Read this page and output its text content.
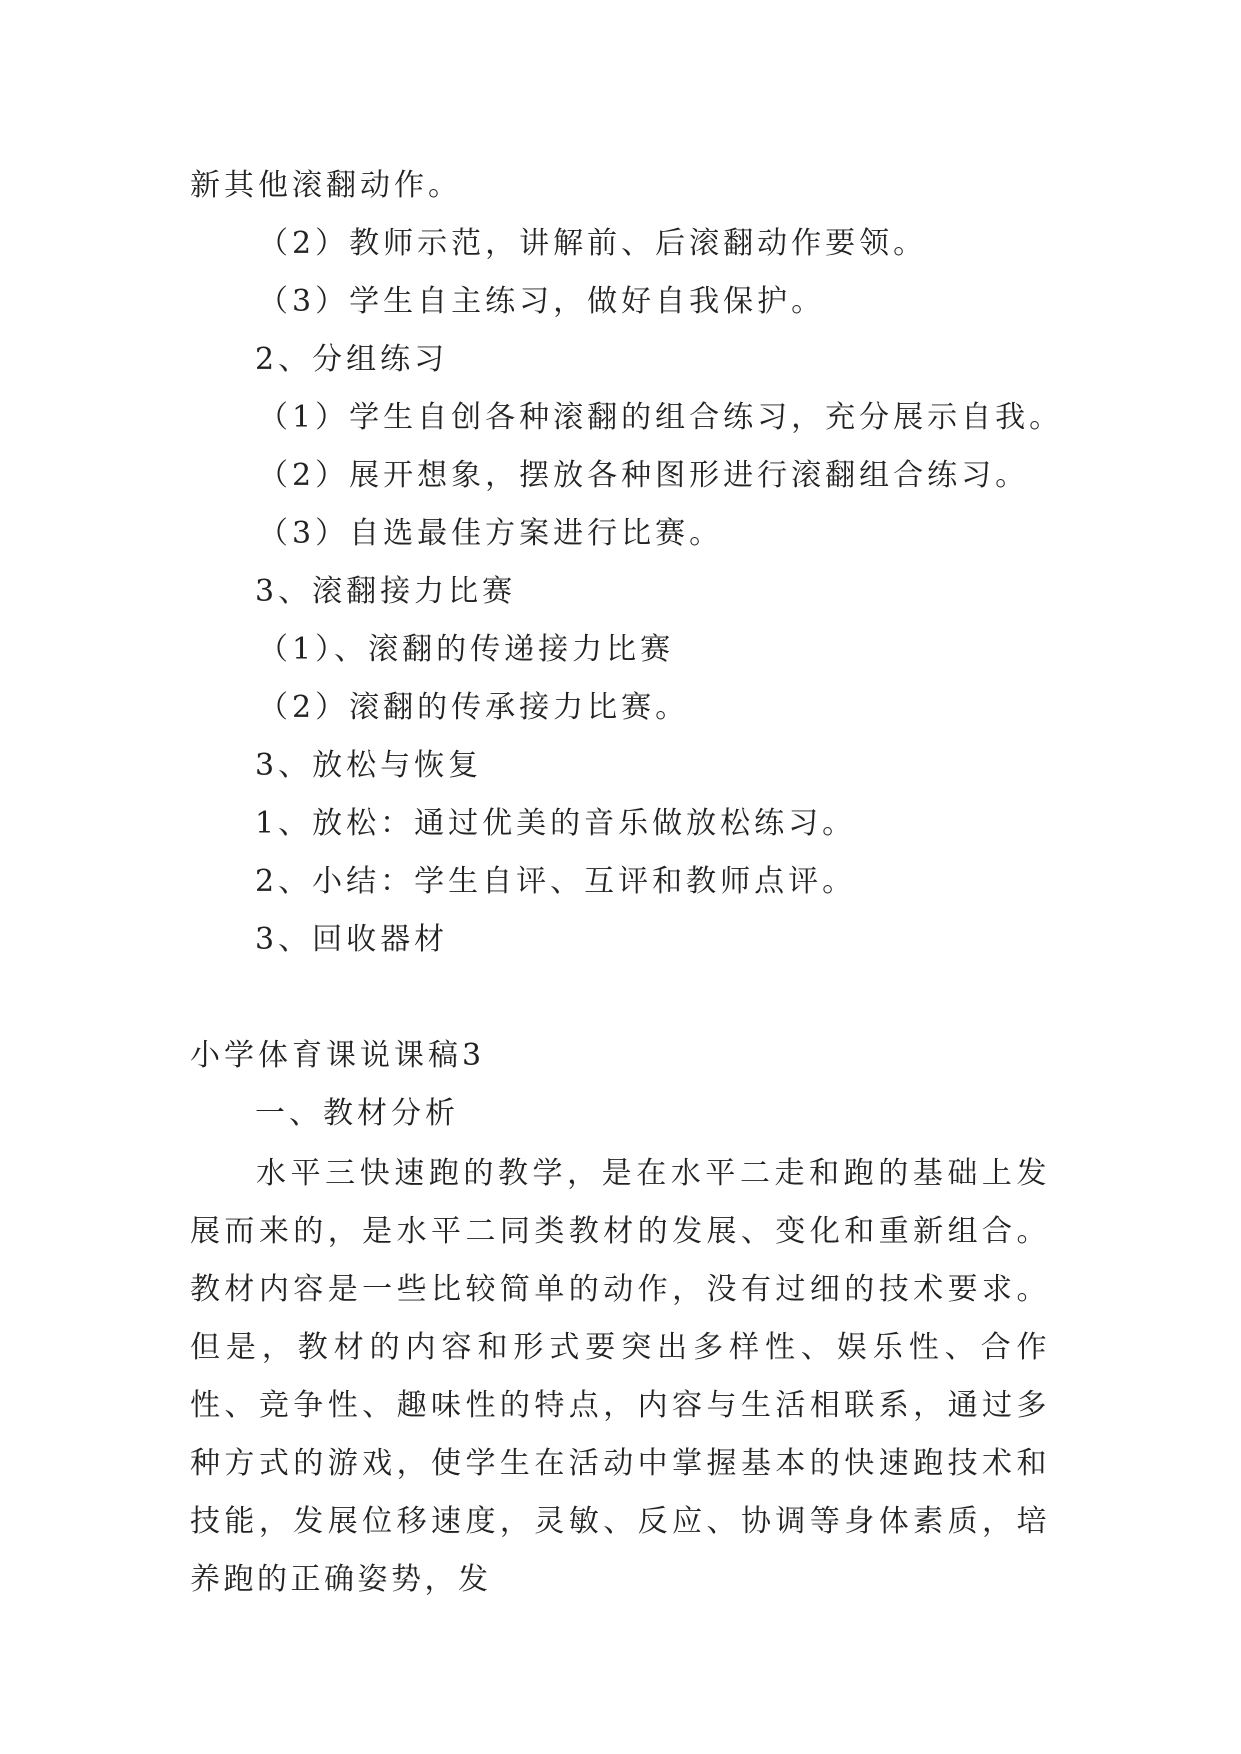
新其他滚翻动作。
（2）教师示范，讲解前、后滚翻动作要领。
（3）学生自主练习，做好自我保护。
2、分组练习
（1）学生自创各种滚翻的组合练习，充分展示自我。
（2）展开想象，摆放各种图形进行滚翻组合练习。
（3）自选最佳方案进行比赛。
3、滚翻接力比赛
（1）、滚翻的传递接力比赛
（2）滚翻的传承接力比赛。
3、放松与恢复
1、放松：通过优美的音乐做放松练习。
2、小结：学生自评、互评和教师点评。
3、回收器材
小学体育课说课稿3
一、教材分析
水平三快速跑的教学，是在水平二走和跑的基础上发展而来的，是水平二同类教材的发展、变化和重新组合。教材内容是一些比较简单的动作，没有过细的技术要求。但是，教材的内容和形式要突出多样性、娱乐性、合作性、竞争性、趣味性的特点，内容与生活相联系，通过多种方式的游戏，使学生在活动中掌握基本的快速跑技术和技能，发展位移速度，灵敏、反应、协调等身体素质，培养跑的正确姿势，发
